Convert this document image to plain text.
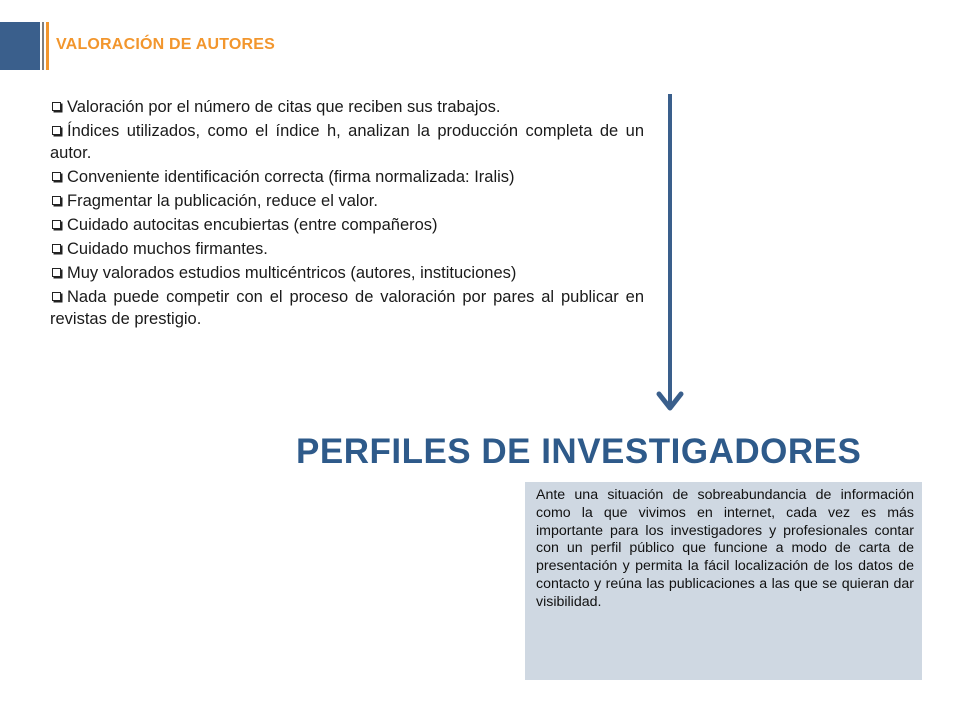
VALORACIÓN DE AUTORES
Valoración por el número de citas que reciben sus trabajos.
Índices utilizados, como el índice h, analizan la producción completa de un autor.
Conveniente identificación correcta (firma normalizada: Iralis)
Fragmentar la publicación, reduce el valor.
Cuidado autocitas encubiertas (entre compañeros)
Cuidado muchos firmantes.
Muy valorados estudios multicéntricos (autores, instituciones)
Nada puede competir con el proceso de valoración por pares al publicar en revistas de prestigio.
PERFILES DE INVESTIGADORES

Ante una situación de sobreabundancia de información como la que vivimos en internet, cada vez es más importante para los investigadores y profesionales contar con un perfil público que funcione a modo de carta de presentación y permita la fácil localización de los datos de contacto y reúna las publicaciones a las que se quieran dar visibilidad.
